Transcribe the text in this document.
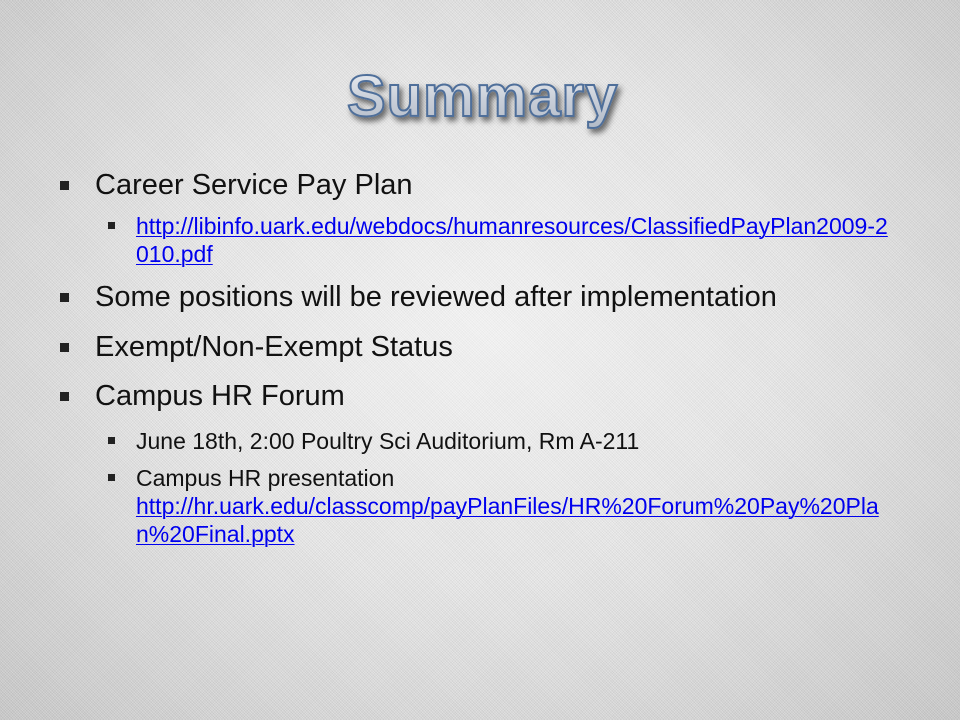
Summary
Career Service Pay Plan
http://libinfo.uark.edu/webdocs/humanresources/ClassifiedPayPlan2009-2010.pdf
Some positions will be reviewed after implementation
Exempt/Non-Exempt Status
Campus HR Forum
June 18th, 2:00 Poultry Sci Auditorium, Rm A-211
Campus HR presentation
http://hr.uark.edu/classcomp/payPlanFiles/HR%20Forum%20Pay%20Plan%20Final.pptx
